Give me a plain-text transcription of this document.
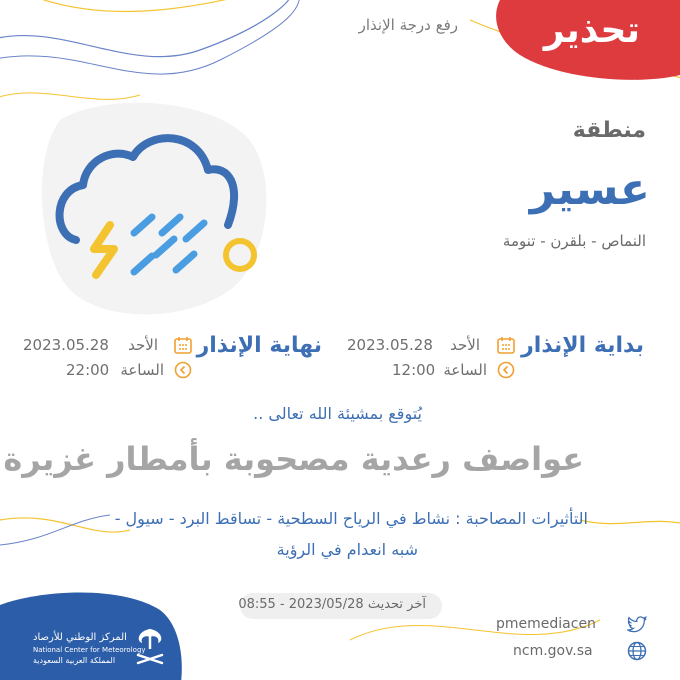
تحذير
رفع درجة الإنذار
منطقة
عسير
النماص - بلقرن - تنومة
بداية الإنذار
الأحد
2023.05.28
الساعة
12:00
نهاية الإنذار
الأحد
2023.05.28
الساعة
22:00
يُتوقع بمشيئة الله تعالى ..
عواصف رعدية مصحوبة بأمطار غزيرة
التأثيرات المصاحبة : نشاط في الرياح السطحية - تساقط البرد - سيول -
شبه انعدام في الرؤية
آخر تحديث 2023/05/28 - 08:55
pmemediacen
ncm.gov.sa
المركز الوطني للأرصاد
National Center for Meteorology
المملكة العربية السعودية
